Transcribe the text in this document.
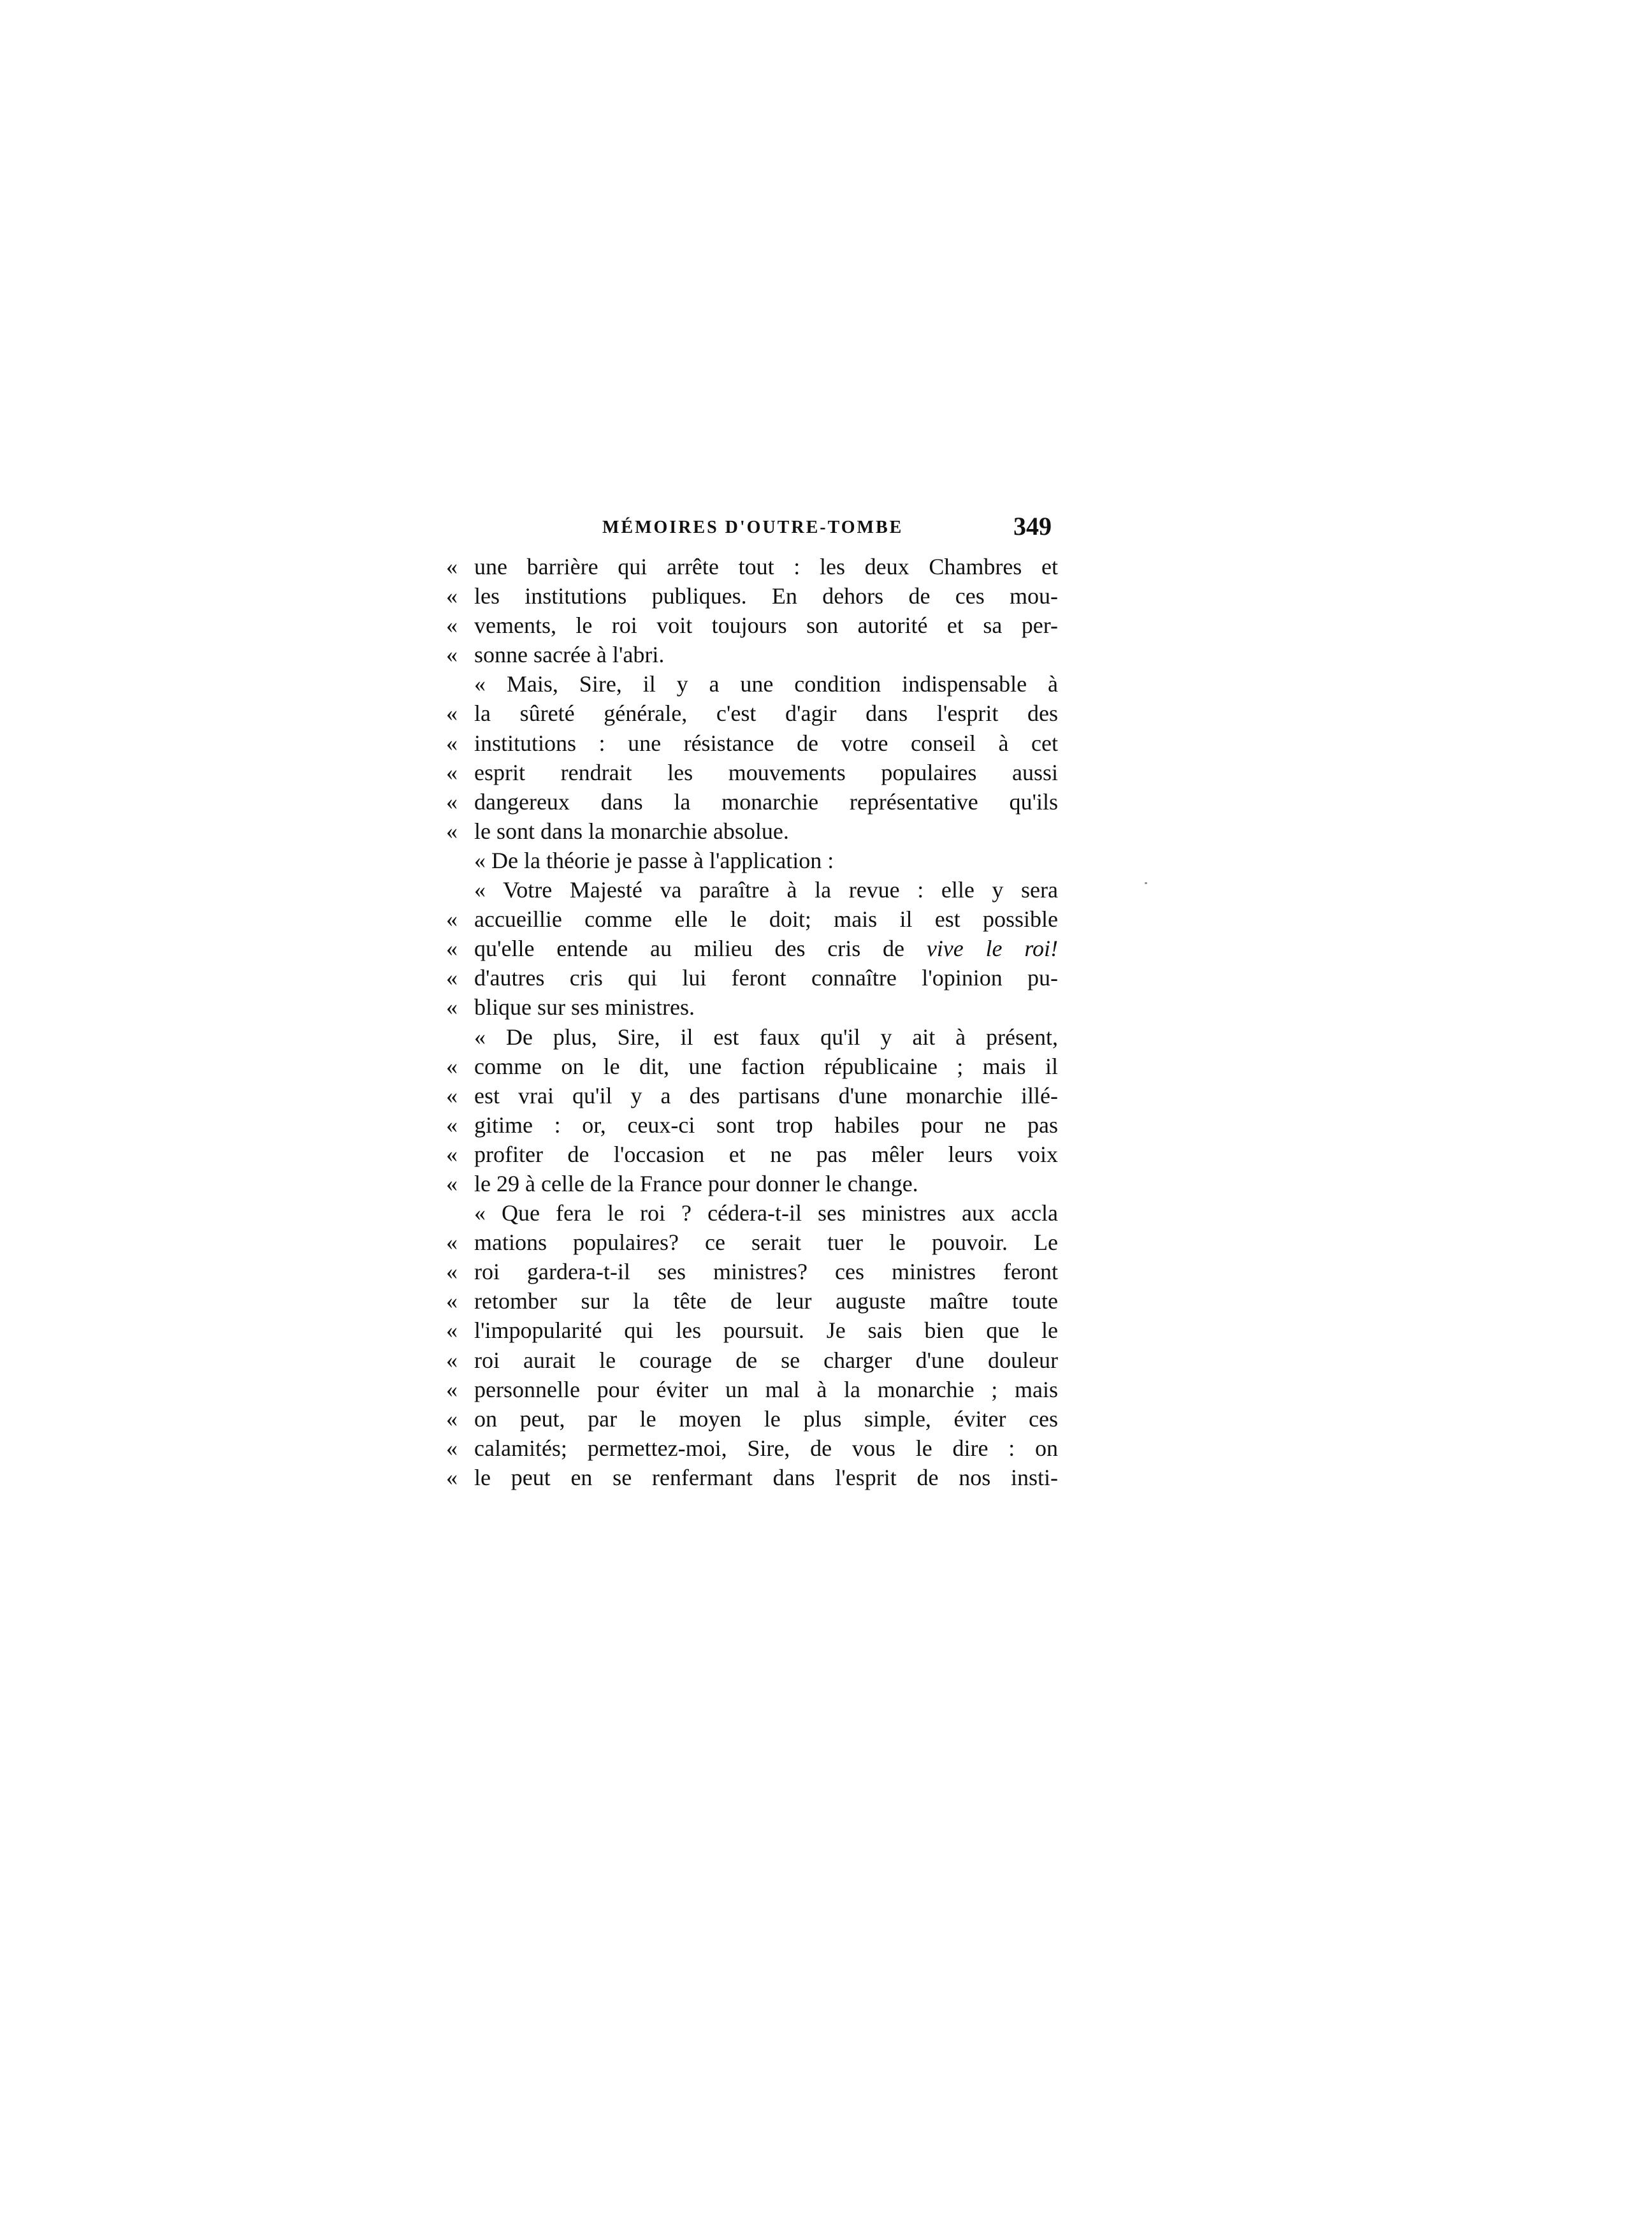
MÉMOIRES D'OUTRE-TOMBE	349
« une barrière qui arrête tout : les deux Chambres et
« les institutions publiques. En dehors de ces mou-
« vements, le roi voit toujours son autorité et sa per-
« sonne sacrée à l'abri.
« Mais, Sire, il y a une condition indispensable à
« la sûreté générale, c'est d'agir dans l'esprit des
« institutions : une résistance de votre conseil à cet
« esprit rendrait les mouvements populaires aussi
« dangereux dans la monarchie représentative qu'ils
« le sont dans la monarchie absolue.
« De la théorie je passe à l'application :
« Votre Majesté va paraître à la revue : elle y sera
« accueillie comme elle le doit; mais il est possible
« qu'elle entende au milieu des cris de vive le roi!
« d'autres cris qui lui feront connaître l'opinion pu-
« blique sur ses ministres.
« De plus, Sire, il est faux qu'il y ait à présent,
« comme on le dit, une faction républicaine ; mais il
« est vrai qu'il y a des partisans d'une monarchie illé-
« gitime : or, ceux-ci sont trop habiles pour ne pas
« profiter de l'occasion et ne pas mêler leurs voix
« le 29 à celle de la France pour donner le change.
« Que fera le roi ? cédera-t-il ses ministres aux accla
« mations populaires? ce serait tuer le pouvoir. Le
« roi gardera-t-il ses ministres? ces ministres feront
« retomber sur la tête de leur auguste maître toute
« l'impopularité qui les poursuit. Je sais bien que le
« roi aurait le courage de se charger d'une douleur
« personnelle pour éviter un mal à la monarchie ; mais
« on peut, par le moyen le plus simple, éviter ces
« calamités; permettez-moi, Sire, de vous le dire : on
« le peut en se renfermant dans l'esprit de nos insti-
